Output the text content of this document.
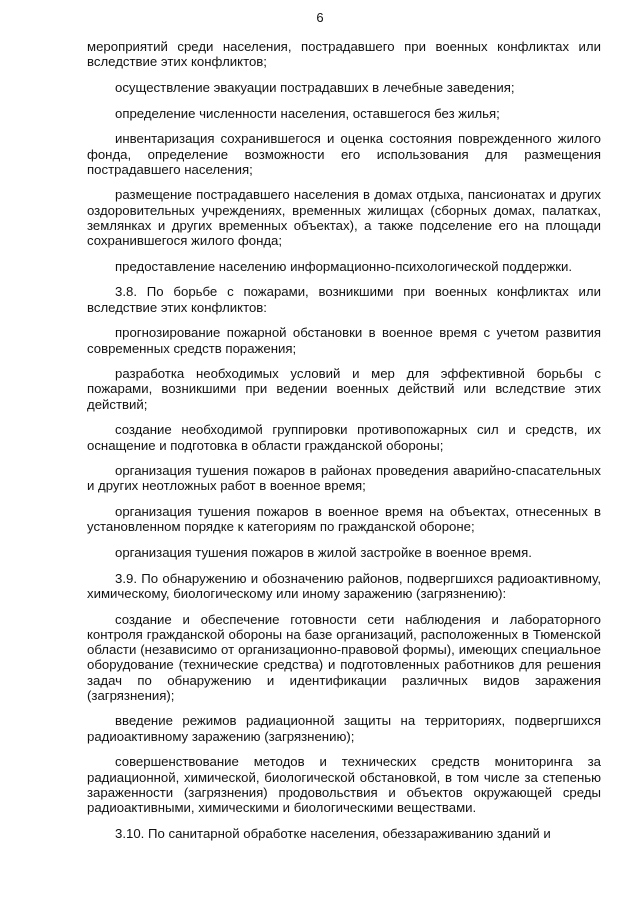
6

мероприятий среди населения, пострадавшего при военных конфликтах или вследствие этих конфликтов;

осуществление эвакуации пострадавших в лечебные заведения;

определение численности населения, оставшегося без жилья;

инвентаризация сохранившегося и оценка состояния поврежденного жилого фонда, определение возможности его использования для размещения пострадавшего населения;

размещение пострадавшего населения в домах отдыха, пансионатах и других оздоровительных учреждениях, временных жилищах (сборных домах, палатках, землянках и других временных объектах), а также подселение его на площади сохранившегося жилого фонда;

предоставление населению информационно-психологической поддержки.

3.8. По борьбе с пожарами, возникшими при военных конфликтах или вследствие этих конфликтов:

прогнозирование пожарной обстановки в военное время с учетом развития современных средств поражения;

разработка необходимых условий и мер для эффективной борьбы с пожарами, возникшими при ведении военных действий или вследствие этих действий;

создание необходимой группировки противопожарных сил и средств, их оснащение и подготовка в области гражданской обороны;

организация тушения пожаров в районах проведения аварийно-спасательных и других неотложных работ в военное время;

организация тушения пожаров в военное время на объектах, отнесенных в установленном порядке к категориям по гражданской обороне;

организация тушения пожаров в жилой застройке в военное время.

3.9. По обнаружению и обозначению районов, подвергшихся радиоактивному, химическому, биологическому или иному заражению (загрязнению):

создание и обеспечение готовности сети наблюдения и лабораторного контроля гражданской обороны на базе организаций, расположенных в Тюменской области (независимо от организационно-правовой формы), имеющих специальное оборудование (технические средства) и подготовленных работников для решения задач по обнаружению и идентификации различных видов заражения (загрязнения);

введение режимов радиационной защиты на территориях, подвергшихся радиоактивному заражению (загрязнению);

совершенствование методов и технических средств мониторинга за радиационной, химической, биологической обстановкой, в том числе за степенью зараженности (загрязнения) продовольствия и объектов окружающей среды радиоактивными, химическими и биологическими веществами.

3.10. По санитарной обработке населения, обеззараживанию зданий и
